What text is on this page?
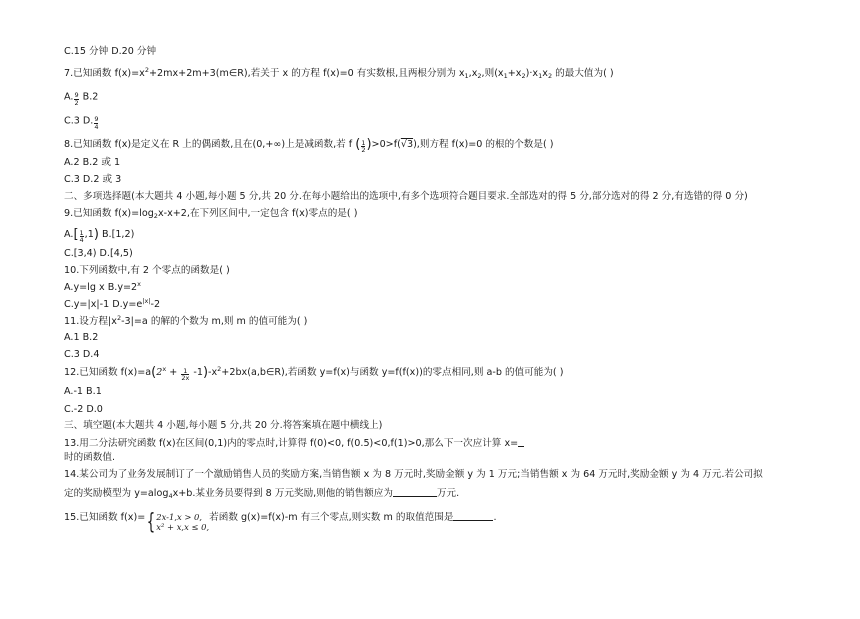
C.15 分钟 D.20 分钟
7.已知函数 $f(x)=x^2+2mx+2m+3(m\in R)$,若关于 x 的方程 f(x)=0 有实数根,且两根分别为 $x_1,x_2$,则$(x_1+x_2)\cdot x_1x_2$ 的最大值为( )
A. $\frac{9}{2} B.2$
C.3 D. $\frac{9}{4}$
8.已知函数 f(x)是定义在 R 上的偶函数,且在(0,+∞)上是减函数,若 f ( $\frac{1}{2} )>0>f(√3)$,则方程 f(x)=0 的根的个数是( )
A.2 B.2 或 1
C.3 D.2 或 3
二、多项选择题(本大题共 4 小题,每小题 5 分,共 20 分.在每小题给出的选项中,有多个选项符合题目要求.全部选对的得 5 分,部分选对的得 2 分,有选错的得 0 分)
9.已知函数 $f(x)=\log_2x-x+2$,在下列区间中,一定包含 f(x)零点的是( )
$A.[ \frac{1}{4} ,1)$ B.[1,2)
C.[3,4) D.[4,5)
10.下列函数中,有 2 个零点的函数是( )
A.y=lg x $B.y=2^x$
C.y=|x|-1 $D.y=e^{|x|}-2$
11.设方程$|x^2-3|=a$ 的解的个数为 m,则 m 的值可能为( )
A.1 B.2
C.3 D.4
12.已知函数 $f(x)=a(2^x + \frac{1}{2x}$ $-1)-x^2+2bx(a,b\in R)$,若函数 y=f(x)与函数 y=f(f(x))的零点相同,则 a-b 的值可能为( )
A.-1 B.1
C.-2 D.0
三、填空题(本大题共 4 小题,每小题 5 分,共 20 分.将答案填在题中横线上)
13.用二分法研究函数 f(x)在区间(0,1)内的零点时,计算得 f(0)<0, f(0.5)<0,f(1)>0,那么下一次应计算 x=
时的函数值.
14.某公司为了业务发展制订了一个激励销售人员的奖励方案,当销售额 x 为 8 万元时,奖励金额 y 为 1 万元;当销售额 x 为 64 万元时,奖励金额 y 为 4 万元.若公司拟
定的奖励模型为 y=alog$_4$x+b.某业务员要得到 8 万元奖励,则他的销售额应为	万元.
15.已知函数 f(x)={ 2x-1,x > 0,
x² + x,x ≤ 0,
若函数 g(x)=f(x)-m 有三个零点,则实数 m 的取值范围是	.
